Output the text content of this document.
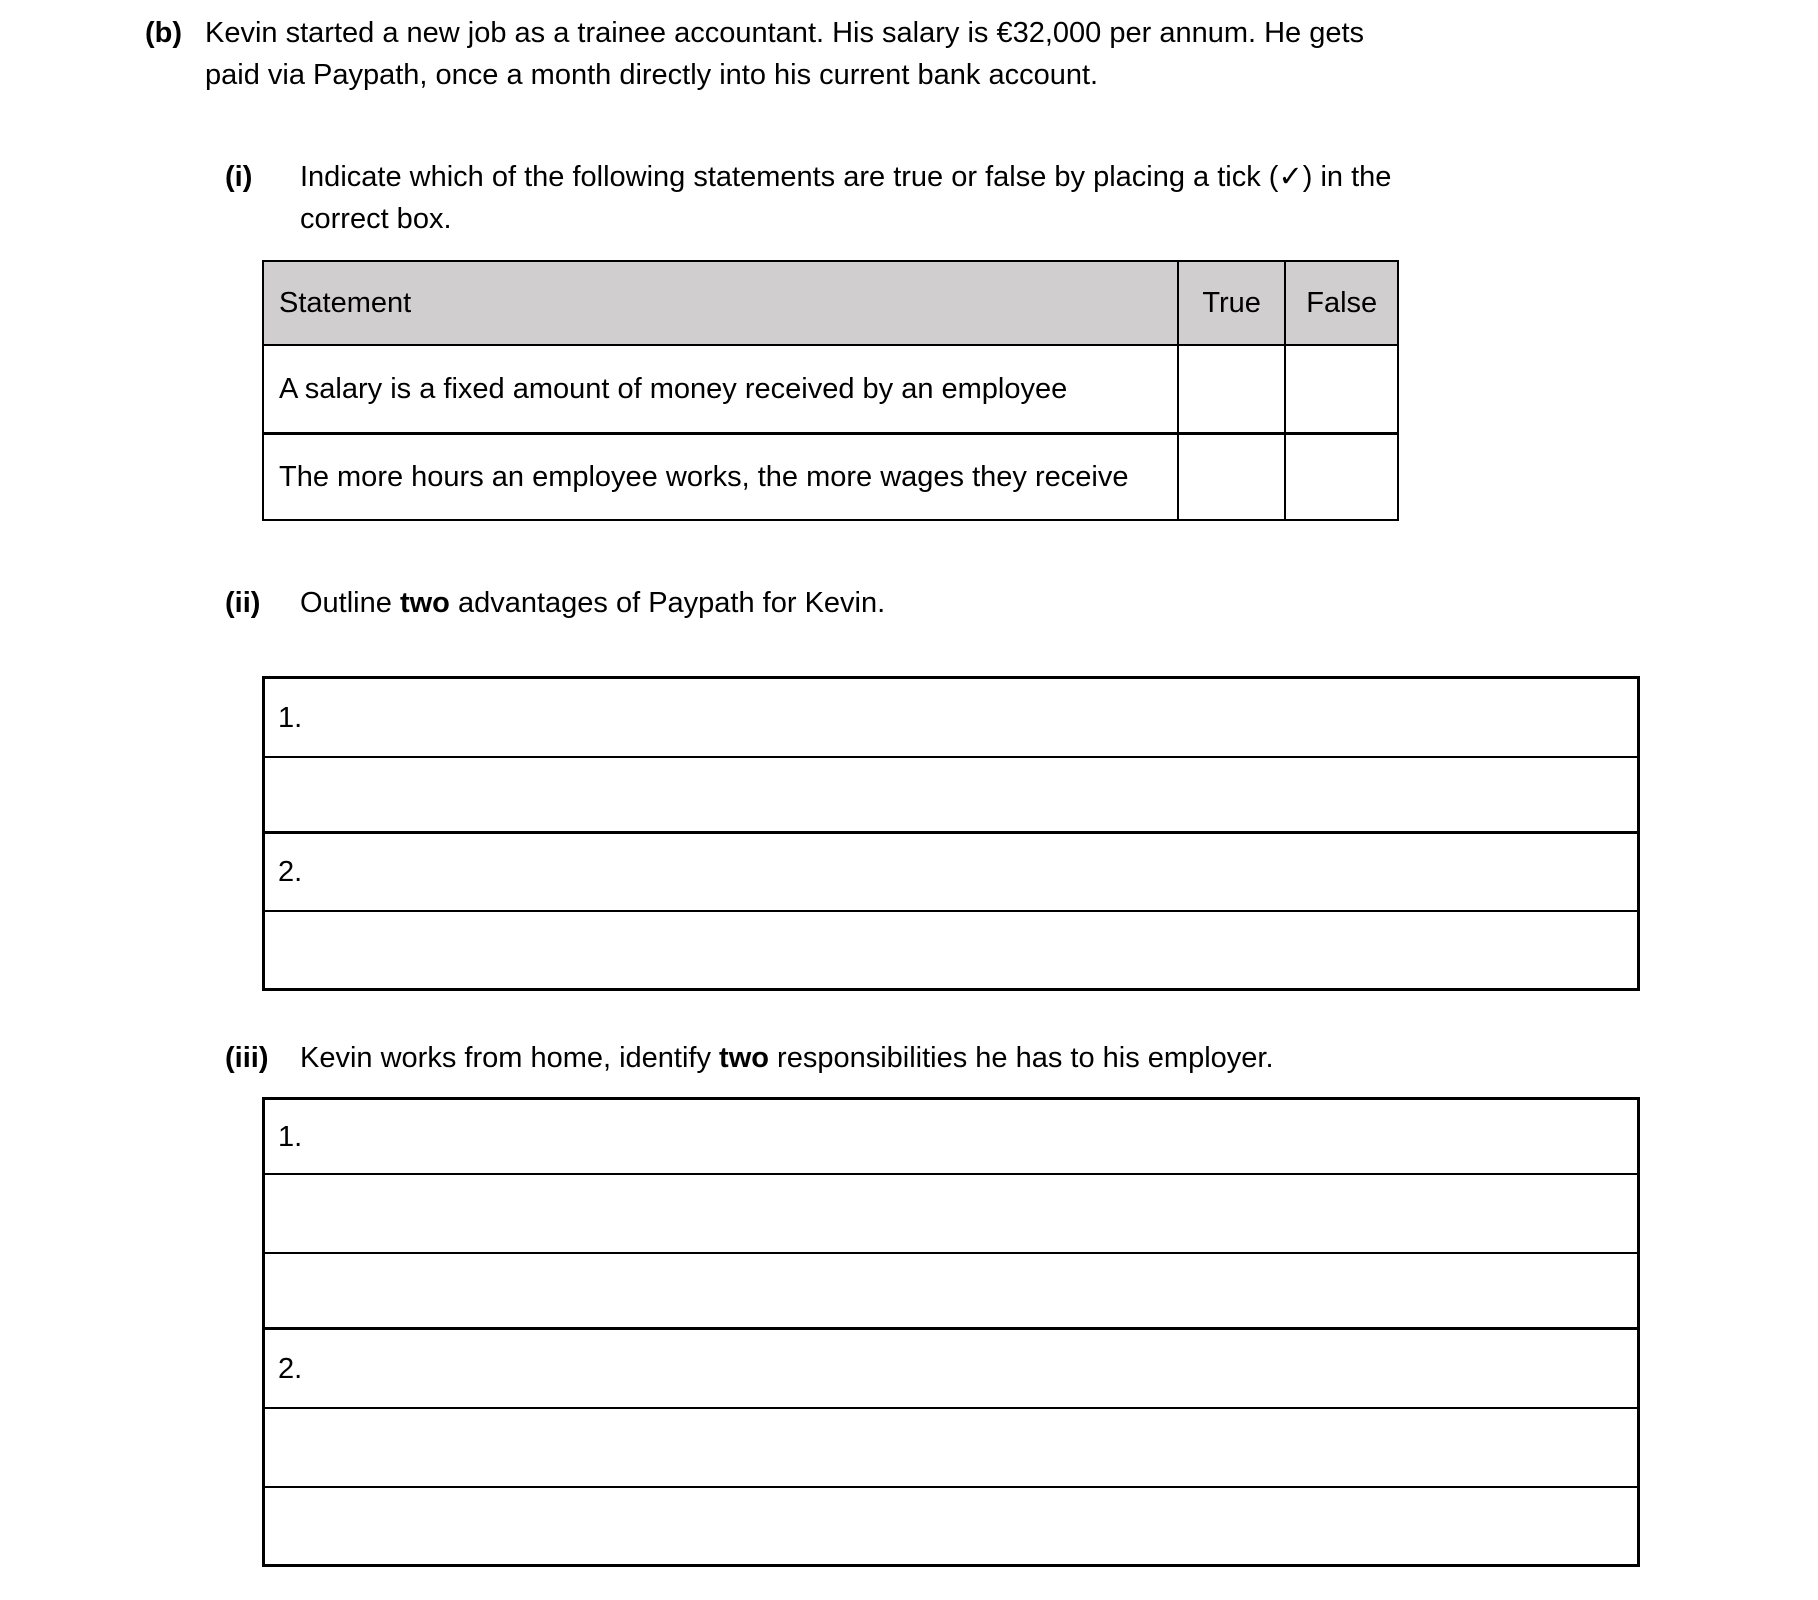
(b) Kevin started a new job as a trainee accountant. His salary is €32,000 per annum. He gets
paid via Paypath, once a month directly into his current bank account.
(i) Indicate which of the following statements are true or false by placing a tick (✓) in the
correct box.
Statement	True False
A salary is a fixed amount of money received by an employee
The more hours an employee works, the more wages they receive
(ii) Outline two advantages of Paypath for Kevin.
1.
2.
(iii) Kevin works from home, identify two responsibilities he has to his employer.
1.
2.
